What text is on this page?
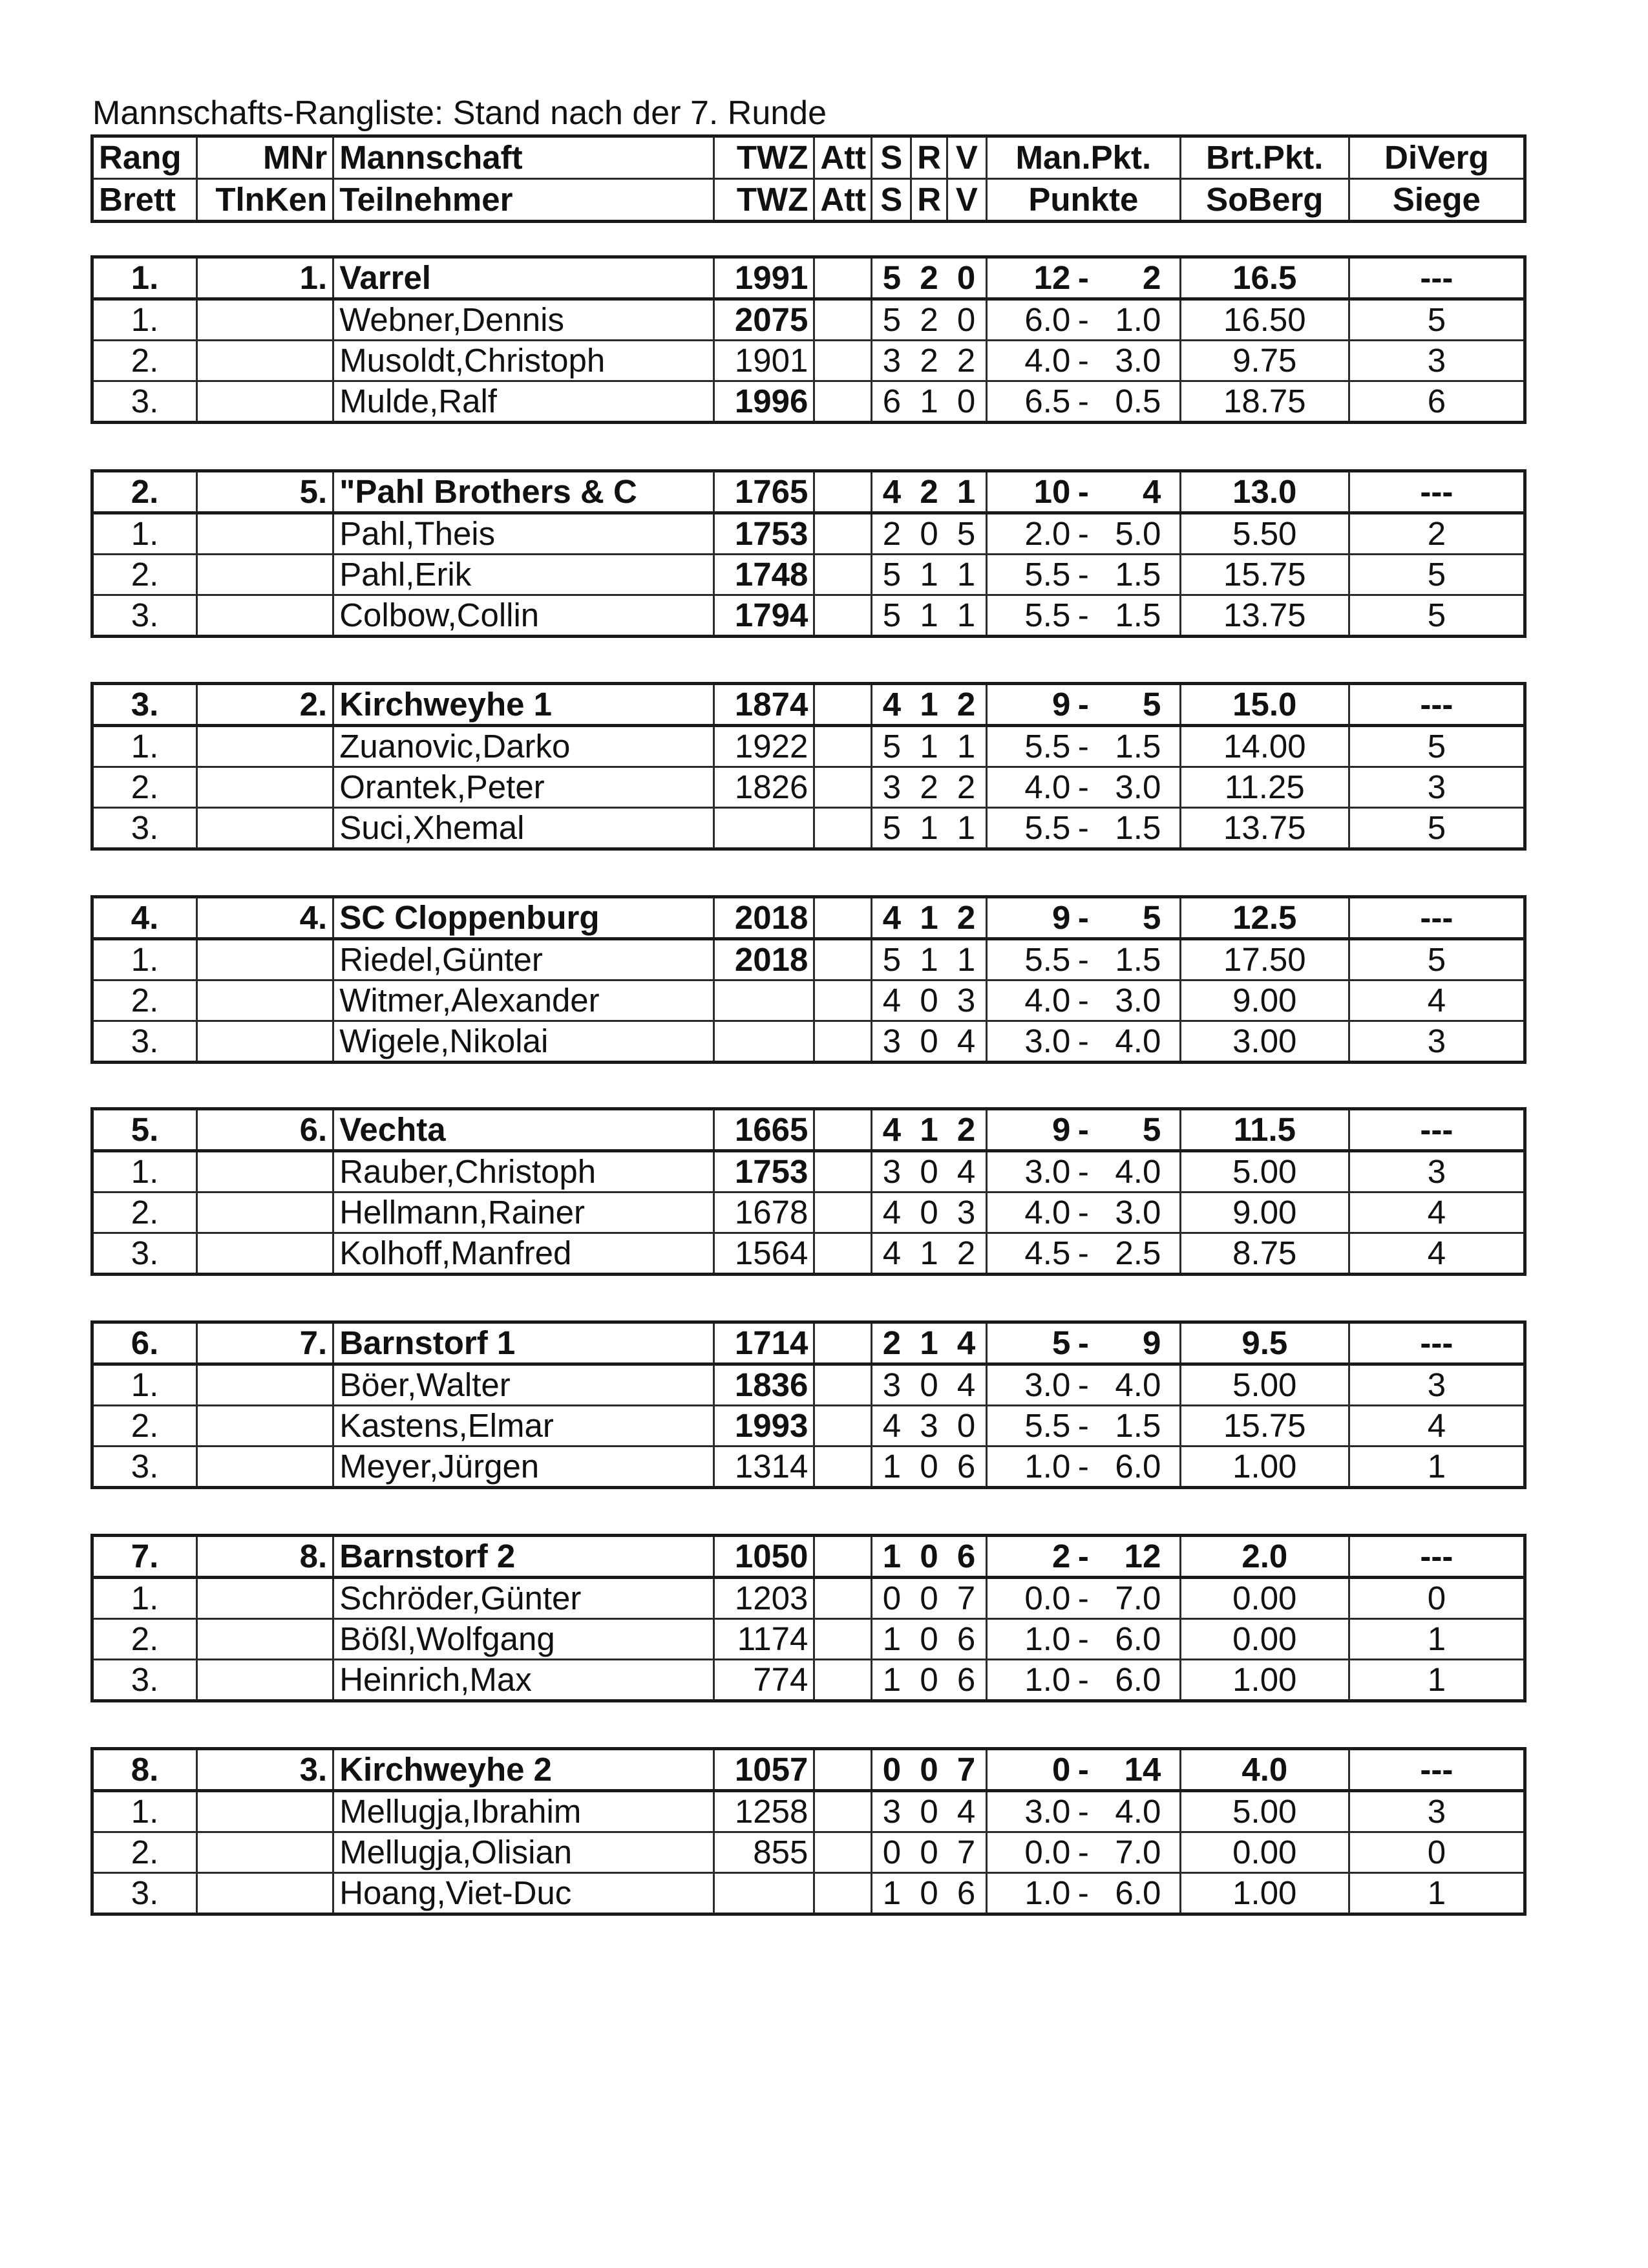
Mannschafts-Rangliste: Stand nach der 7. Runde
Rang	MNr	Mannschaft	TWZ	Att	S	R	V	Man.Pkt.	Brt.Pkt.	DiVerg
Brett	TlnKen	Teilnehmer	TWZ	Att	S	R	V	Punkte	SoBerg	Siege
1.	1.	Varrel	1991		5	2	0	12 - 2	16.5	---
1.		Webner,Dennis	2075		5	2	0	6.0 - 1.0	16.50	5
2.		Musoldt,Christoph	1901		3	2	2	4.0 - 3.0	9.75	3
3.		Mulde,Ralf	1996		6	1	0	6.5 - 0.5	18.75	6
2.	5.	"Pahl Brothers & C	1765		4	2	1	10 - 4	13.0	---
1.		Pahl,Theis	1753		2	0	5	2.0 - 5.0	5.50	2
2.		Pahl,Erik	1748		5	1	1	5.5 - 1.5	15.75	5
3.		Colbow,Collin	1794		5	1	1	5.5 - 1.5	13.75	5
3.	2.	Kirchweyhe 1	1874		4	1	2	9 - 5	15.0	---
1.		Zuanovic,Darko	1922		5	1	1	5.5 - 1.5	14.00	5
2.		Orantek,Peter	1826		3	2	2	4.0 - 3.0	11.25	3
3.		Suci,Xhemal			5	1	1	5.5 - 1.5	13.75	5
4.	4.	SC Cloppenburg	2018		4	1	2	9 - 5	12.5	---
1.		Riedel,Günter	2018		5	1	1	5.5 - 1.5	17.50	5
2.		Witmer,Alexander			4	0	3	4.0 - 3.0	9.00	4
3.		Wigele,Nikolai			3	0	4	3.0 - 4.0	3.00	3
5.	6.	Vechta	1665		4	1	2	9 - 5	11.5	---
1.		Rauber,Christoph	1753		3	0	4	3.0 - 4.0	5.00	3
2.		Hellmann,Rainer	1678		4	0	3	4.0 - 3.0	9.00	4
3.		Kolhoff,Manfred	1564		4	1	2	4.5 - 2.5	8.75	4
6.	7.	Barnstorf 1	1714		2	1	4	5 - 9	9.5	---
1.		Böer,Walter	1836		3	0	4	3.0 - 4.0	5.00	3
2.		Kastens,Elmar	1993		4	3	0	5.5 - 1.5	15.75	4
3.		Meyer,Jürgen	1314		1	0	6	1.0 - 6.0	1.00	1
7.	8.	Barnstorf 2	1050		1	0	6	2 - 12	2.0	---
1.		Schröder,Günter	1203		0	0	7	0.0 - 7.0	0.00	0
2.		Bößl,Wolfgang	1174		1	0	6	1.0 - 6.0	0.00	1
3.		Heinrich,Max	774		1	0	6	1.0 - 6.0	1.00	1
8.	3.	Kirchweyhe 2	1057		0	0	7	0 - 14	4.0	---
1.		Mellugja,Ibrahim	1258		3	0	4	3.0 - 4.0	5.00	3
2.		Mellugja,Olisian	855		0	0	7	0.0 - 7.0	0.00	0
3.		Hoang,Viet-Duc			1	0	6	1.0 - 6.0	1.00	1
